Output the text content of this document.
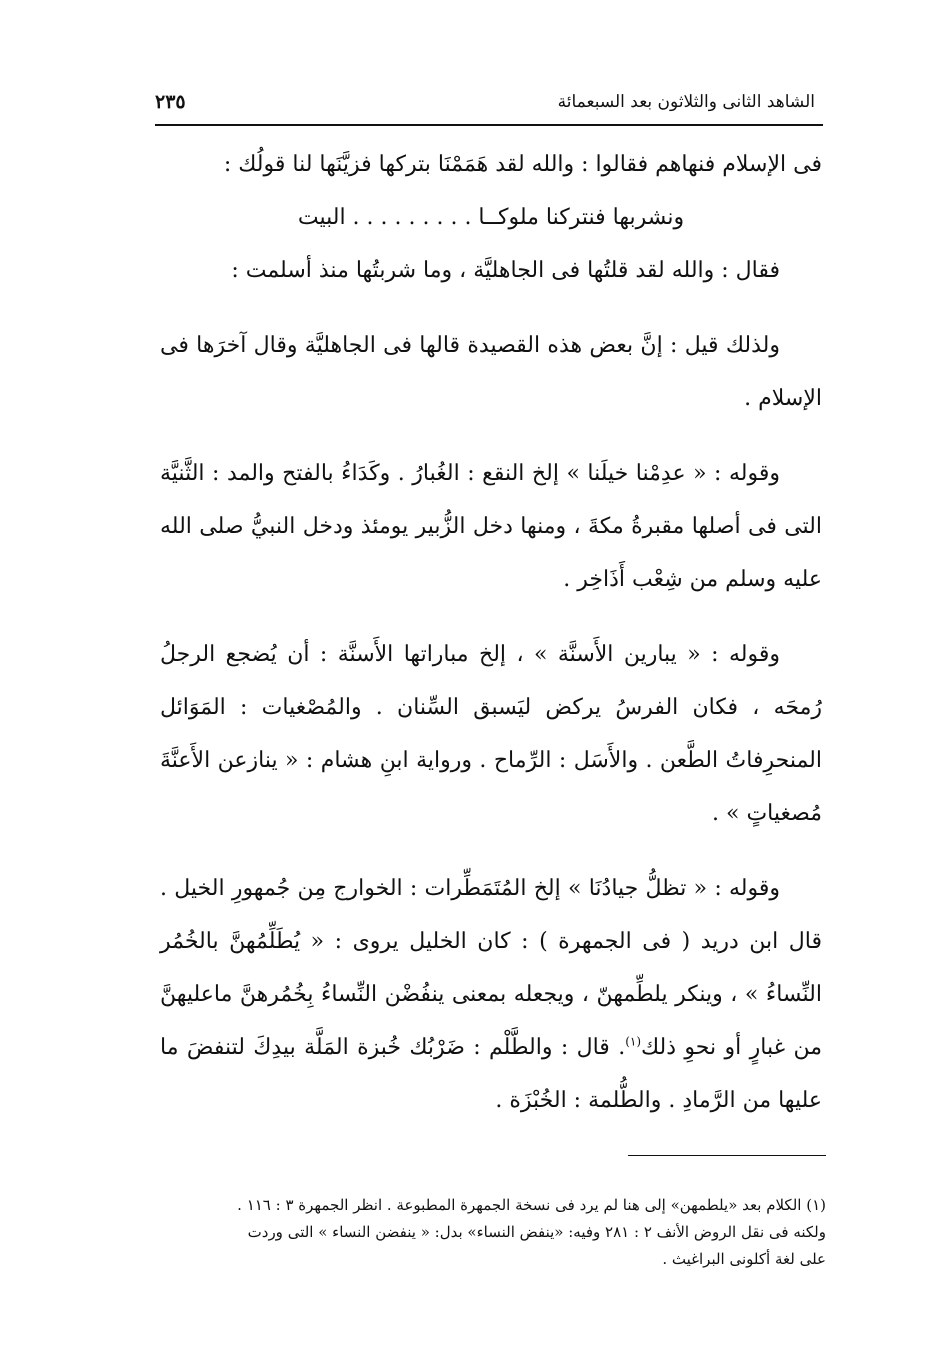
الشاهد الثانى والثلاثون بعد السبعمائة
٢٣٥

فى الإسلام فنهاهم فقالوا : والله لقد هَمَمْنَا بتركها فزيَّنَها لنا قولُك :

ونشربها فنتركنا ملوكــا . . . . . . . . . البيت

فقال : والله لقد قلتُها فى الجاهليَّة ، وما شربتُها منذ أسلمت :

ولذلك قيل : إنَّ بعض هذه القصيدة قالها فى الجاهليَّة وقال آخرَها فى الإسلام .

وقوله : « عدِمْنا خيلَنا » إلخ النقع : الغُبارُ . وكَدَاءُ بالفتح والمد : الثَّنيَّة التى فى أصلها مقبرةُ مكةَ ، ومنها دخل الزُّبير يومئذ ودخل النبيُّ صلى الله عليه وسلم من شِعْب أَذَاخِر .

وقوله : « يبارين الأَسنَّة » ، إلخ مباراتها الأَسنَّة : أن يُضجع الرجلُ رُمحَه ، فكان الفرسُ يركض ليَسبق السِّنان . والمُصْغيات : المَوَائل المنحرِفاتُ الطَّعن . والأَسَل : الرِّماح . ورواية ابنِ هشام : « ينازعن الأَعنَّةَ مُصغياتٍ » .

وقوله : « تظلُّ جيادُنَا » إلخ المُتَمَطِّرات : الخوارج مِن جُمهورِ الخيل . قال ابن دريد ( فى الجمهرة ) : كان الخليل يروى : « يُطَلِّمُهنَّ بالخُمُر النِّساءُ » ، وينكر يلطِّمهنّ ، ويجعله بمعنى ينفُضْن النِّساءُ بِخُمُرهنَّ ماعليهنَّ من غبارٍ أو نحوِ ذلك$^{(١)}$. قال : والطَّلْم : ضَرْبُك خُبزة المَلَّة بيدِكَ لتنفضَ ما عليها من الرَّمادِ . والطُّلمة : الخُبْزَة .

(١) الكلام بعد «يلطمهن» إلى هنا لم يرد فى نسخة الجمهرة المطبوعة . انظر الجمهرة ٣ : ١١٦ .

ولكنه فى نقل الروض الأنف ٢ : ٢٨١ وفيه: «ينفض النساء» بدل: « ينفضن النساء » التى وردت

على لغة أكلونى البراغيث .
